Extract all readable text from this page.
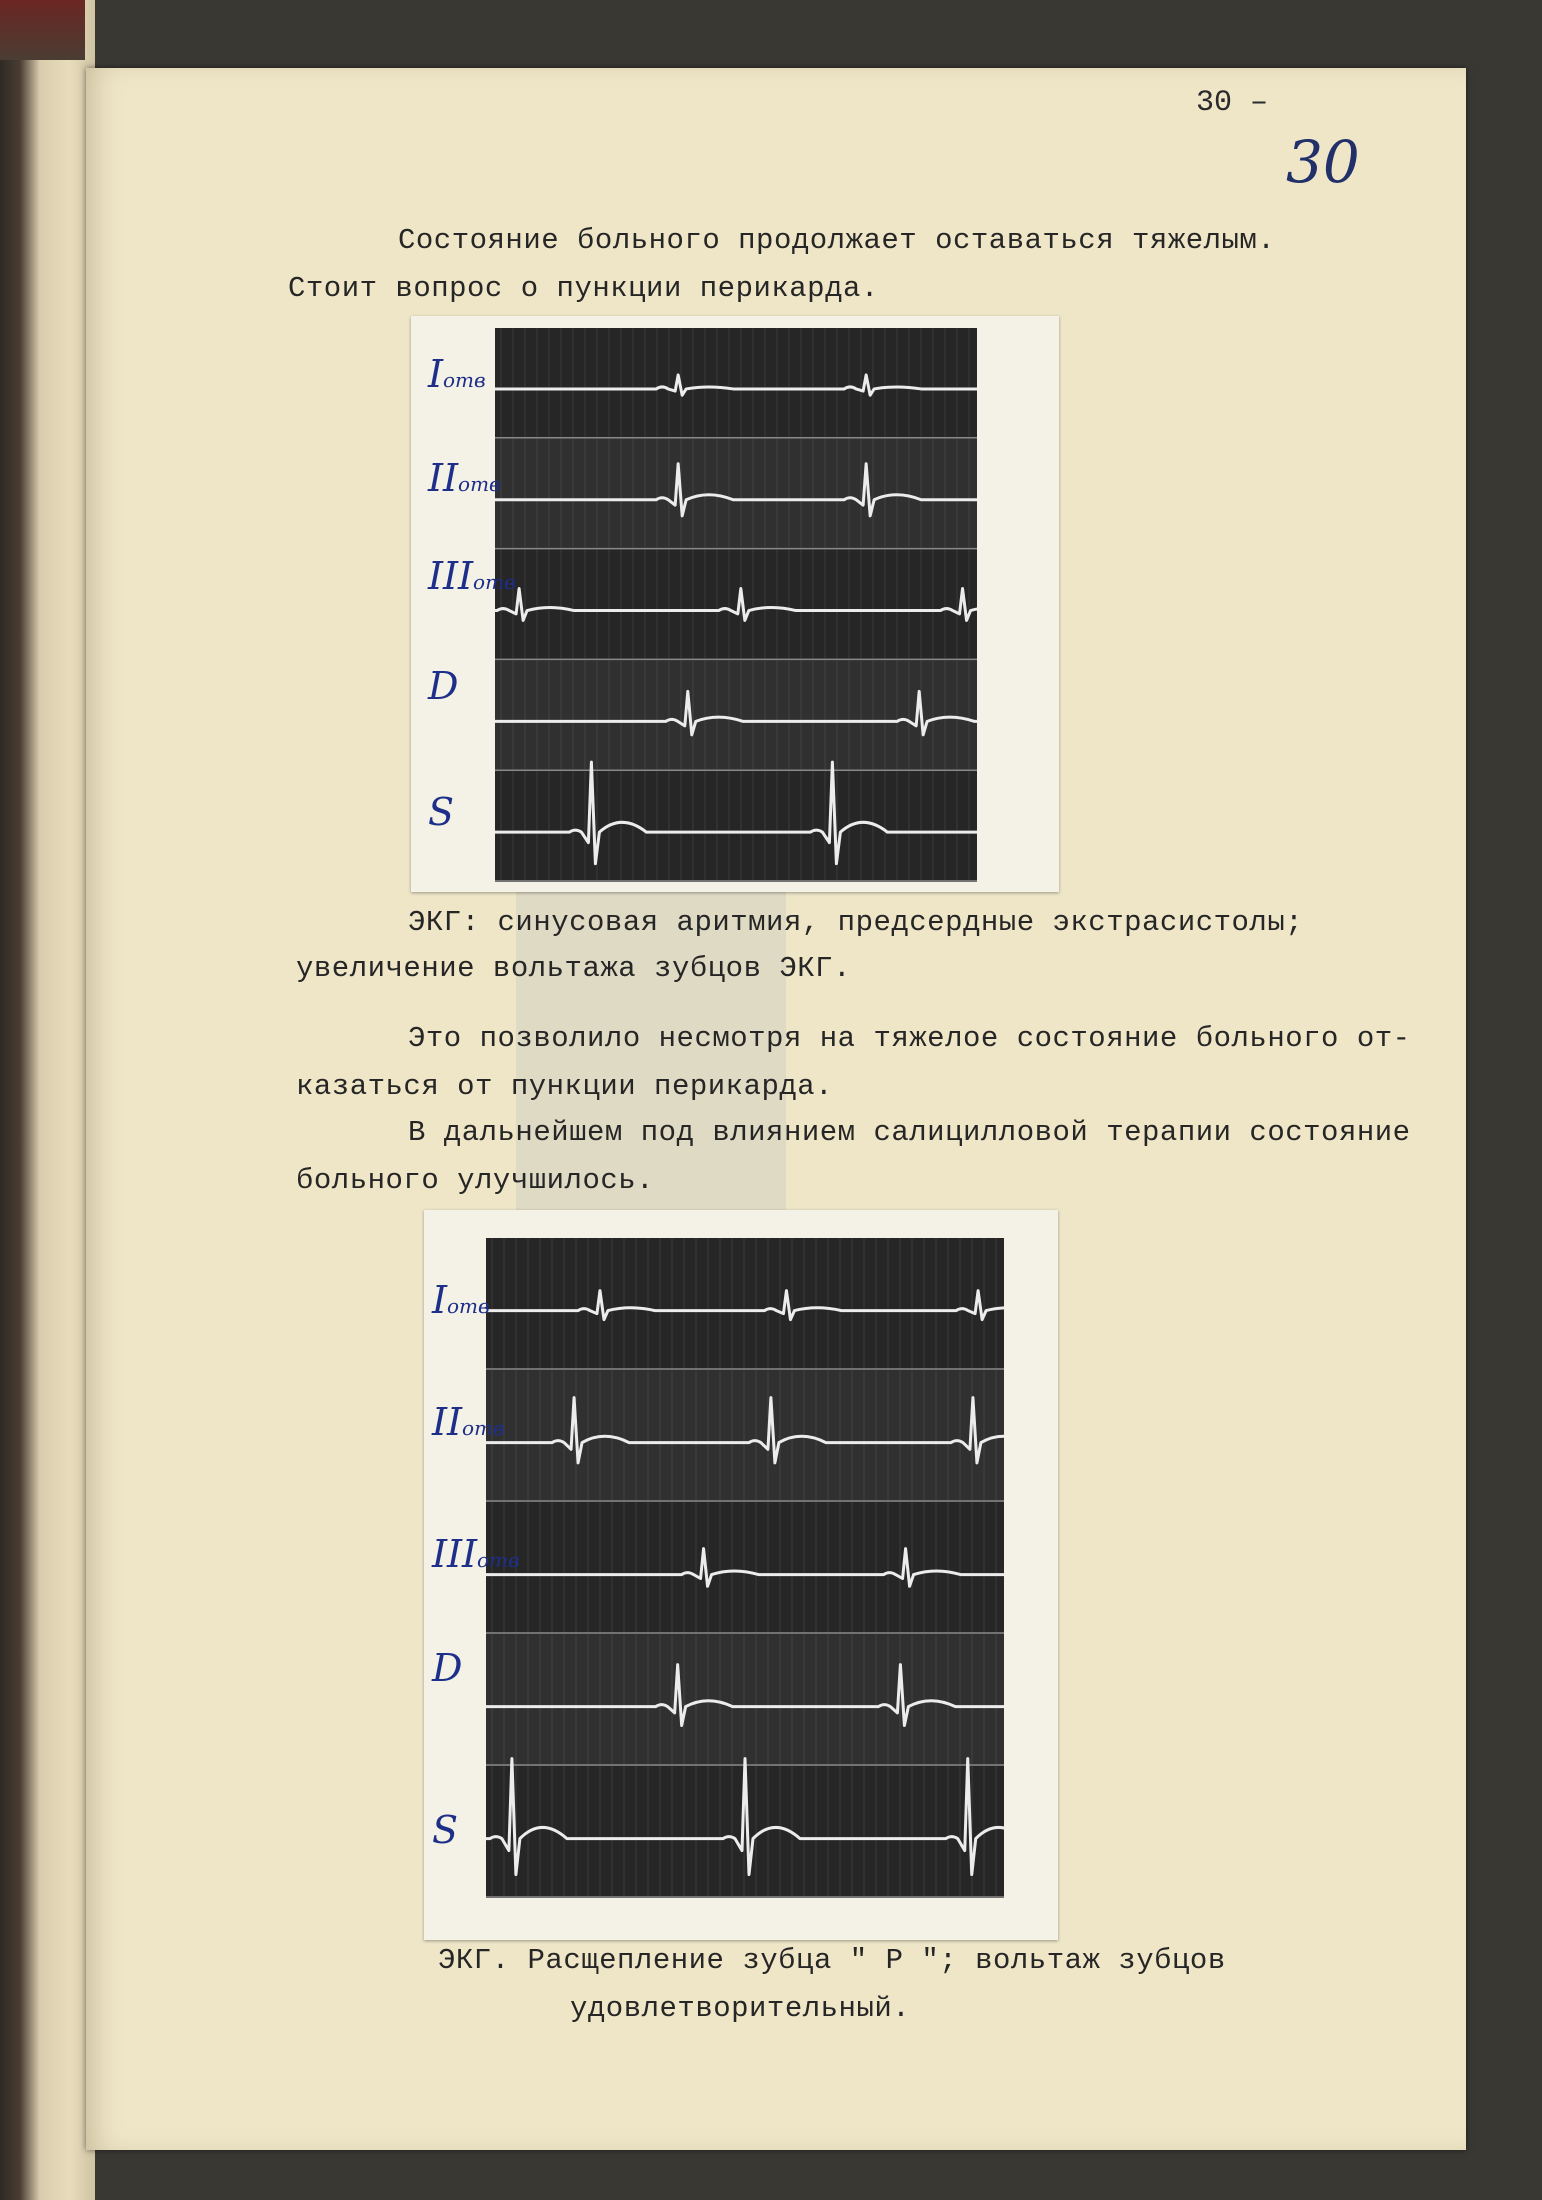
30 –
30
Состояние больного продолжает оставаться тяжелым.
Стоит вопрос о пункции перикарда.
ЭКГ: синусовая аритмия, предсердные экстрасистолы;
увеличение вольтажа зубцов ЭКГ.
Это позволило несмотря на тяжелое состояние больного от-
казаться от пункции перикарда.
В дальнейшем под влиянием салицилловой терапии состояние
больного улучшилось.
ЭКГ. Расщепление зубца " Р "; вольтаж зубцов
удовлетворительный.
Iотв
IIотв
IIIотв
D
S
Iотв
IIотв
IIIотв
D
S
